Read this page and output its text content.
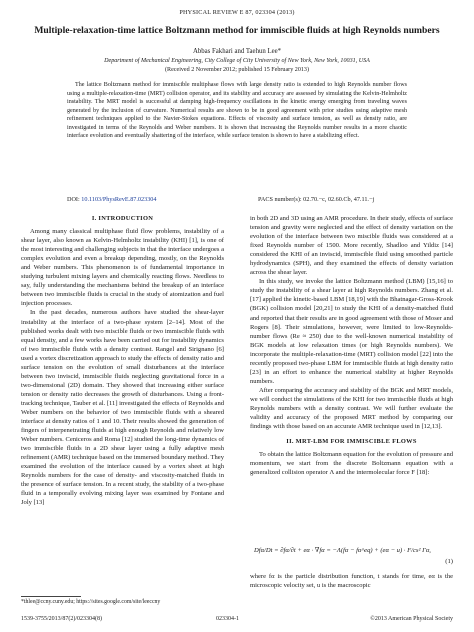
PHYSICAL REVIEW E 87, 023304 (2013)
Multiple-relaxation-time lattice Boltzmann method for immiscible fluids at high Reynolds numbers
Abbas Fakhari and Taehun Lee*
Department of Mechanical Engineering, City College of City University of New York, New York, 10031, USA
(Received 2 November 2012; published 15 February 2013)
The lattice Boltzmann method for immiscible multiphase flows with large density ratio is extended to high Reynolds number flows using a multiple-relaxation-time (MRT) collision operator, and its stability and accuracy are assessed by simulating the Kelvin-Helmholtz instability. The MRT model is successful at damping high-frequency oscillations in the kinetic energy emerging from traveling waves generated by the inclusion of curvature. Numerical results are shown to be in good agreement with prior studies using adaptive mesh refinement techniques applied to the Navier-Stokes equations. Effects of viscosity and surface tension, as well as density ratio, are investigated in terms of the Reynolds and Weber numbers. It is shown that increasing the Reynolds number results in a more chaotic interface evolution and eventually shattering of the interface, while surface tension is shown to have a stabilizing effect.
DOI: 10.1103/PhysRevE.87.023304	PACS number(s): 02.70.−c, 02.60.Cb, 47.11.−j
I. INTRODUCTION

Among many classical multiphase fluid flow problems, instability of a shear layer, also known as Kelvin-Helmholtz instability (KHI) [1], is one of the most interesting and challenging subjects in that the interface undergoes a complex evolution and even a breakup depending, mostly, on the Reynolds and Weber numbers. This phenomenon is of fundamental importance in studying turbulent mixing layers and chemically reacting flows. Needless to say, fully understanding the mechanisms behind the breakup of an interface between two immiscible fluids is crucial in the study of atomization and fuel injection processes.

In the past decades, numerous authors have studied the shear-layer instability at the interface of a two-phase system [2–14]. Most of the published works dealt with two miscible fluids or two immiscible fluids with equal density, and a few works have been carried out for instability dynamics of two immiscible fluids with a density contrast. Rangel and Sirignano [6] used a vortex discretization approach to study the effects of density ratio and surface tension on the evolution of small disturbances at the interface between two inviscid, immiscible fluids neglecting gravitational force in a two-dimensional (2D) domain. They showed that increasing either surface tension or density ratio decreases the growth of disturbances. Using a front-tracking technique, Tauber et al. [11] investigated the effects of Reynolds and Weber numbers on the behavior of two immiscible fluids with a sheared interface at density ratios of 1 and 10. Their results showed the generation of fingers of interpenetrating fluids at high enough Reynolds and relatively low Weber numbers. Ceniceros and Roma [12] studied the long-time dynamics of two immiscible fluids in a 2D shear layer using a fully adaptive mesh refinement (AMR) technique based on the immersed boundary method. They examined the evolution of the interface caused by a vortex sheet at high Reynolds numbers for the case of density- and viscosity-matched fluids in the presence of surface tension. In a recent study, the stability of a two-phase fluid in a temporally evolving mixing layer was examined by Fontane and Joly [13]

in both 2D and 3D using an AMR procedure. In their study, effects of surface tension and gravity were neglected and the effect of density variation on the evolution of the interface between two miscible fluids was considered at a fixed Reynolds number of 1500. More recently, Shadloo and Yildiz [14] considered the KHI of an inviscid, immiscible fluid using smoothed particle hydrodynamics (SPH), and they examined the effects of density variation across the shear layer.

In this study, we invoke the lattice Boltzmann method (LBM) [15,16] to study the instability of a shear layer at high Reynolds numbers. Zhang et al. [17] applied the kinetic-based LBM [18,19] with the Bhatnagar-Gross-Krook (BGK) collision model [20,21] to study the KHI of a density-matched fluid and reported that their results are in good agreement with those of Moser and Rogers [8]. Their simulations, however, were limited to low-Reynolds-number flows (Re ≈ 250) due to the well-known numerical instability of BGK models at low relaxation times (or high Reynolds numbers). We incorporate the multiple-relaxation-time (MRT) collision model [22] into the recently proposed two-phase LBM for immiscible fluids at high density ratio [23] in an effort to enhance the numerical stability at higher Reynolds numbers.

After comparing the accuracy and stability of the BGK and MRT models, we will conduct the simulations of the KHI for two immiscible fluids at high Reynolds numbers with a density contrast. We will further evaluate the validity and accuracy of the proposed MRT method by comparing our findings with those based on an accurate AMR technique used in [12,13].

II. MRT-LBM FOR IMMISCIBLE FLOWS

To obtain the lattice Boltzmann equation for the evolution of pressure and momentum, we start from the discrete Boltzmann equation with a generalized collision operator Λ and the intermolecular force F [18]:

Dfα/Dt = ∂fα/∂t + eα · ∇fα = −Λ(fα − fα^eq) + (eα − u) · F/cs² Γα,
(1)
where fα is the particle distribution function, t stands for time, eα is the microscopic velocity set, u is the macroscopic
*thlee@ccny.cuny.edu; https://sites.google.com/site/leeccny
1539-3755/2013/87(2)/023304(8)	023304-1	©2013 American Physical Society
